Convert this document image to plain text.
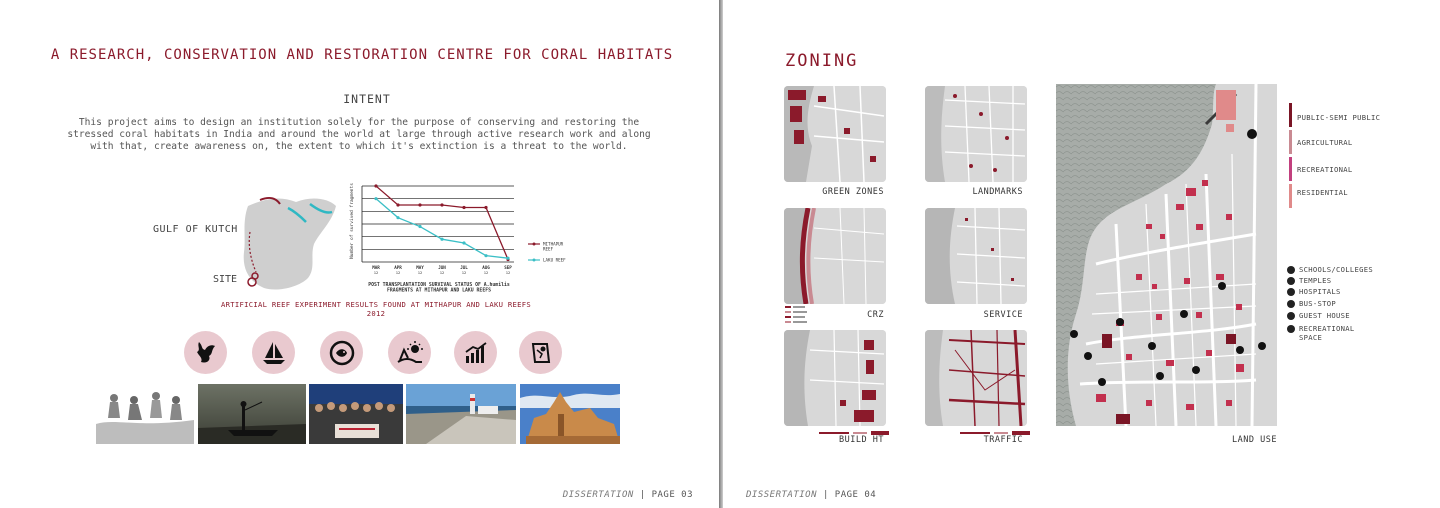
A RESEARCH, CONSERVATION AND RESTORATION CENTRE FOR CORAL HABITATS
INTENT
This project aims to design an institution solely for the purpose of conserving and restoring the stressed coral habitats in India and around the world at large through active research work and along with that, create awareness on, the extent to which it's extinction is a threat to the world.
GULF OF KUTCH
SITE
MAR
12
APR
12
MAY
12
JUN
12
JUL
12
AUG
12
SEP
12
MITHAPUR REEF
LAKU REEF
Number of survived fragments
POST TRANSPLANTATION SURVIVAL STATUS OF A.humilis FRAGMENTS AT MITHAPUR AND LAKU REEFS
ARTIFICIAL REEF EXPERIMENT RESULTS FOUND AT MITHAPUR AND LAKU REEFS 2012
DISSERTATION | PAGE 03
ZONING
GREEN ZONES	LANDMARKS
CRZ	SERVICE
BUILD HT	TRAFFIC	LAND USE
PUBLIC-SEMI PUBLIC
AGRICULTURAL
RECREATIONAL
RESIDENTIAL
SCHOOLS/COLLEGES
TEMPLES
HOSPITALS
BUS-STOP
GUEST HOUSE
RECREATIONAL SPACE
DISSERTATION | PAGE 04
